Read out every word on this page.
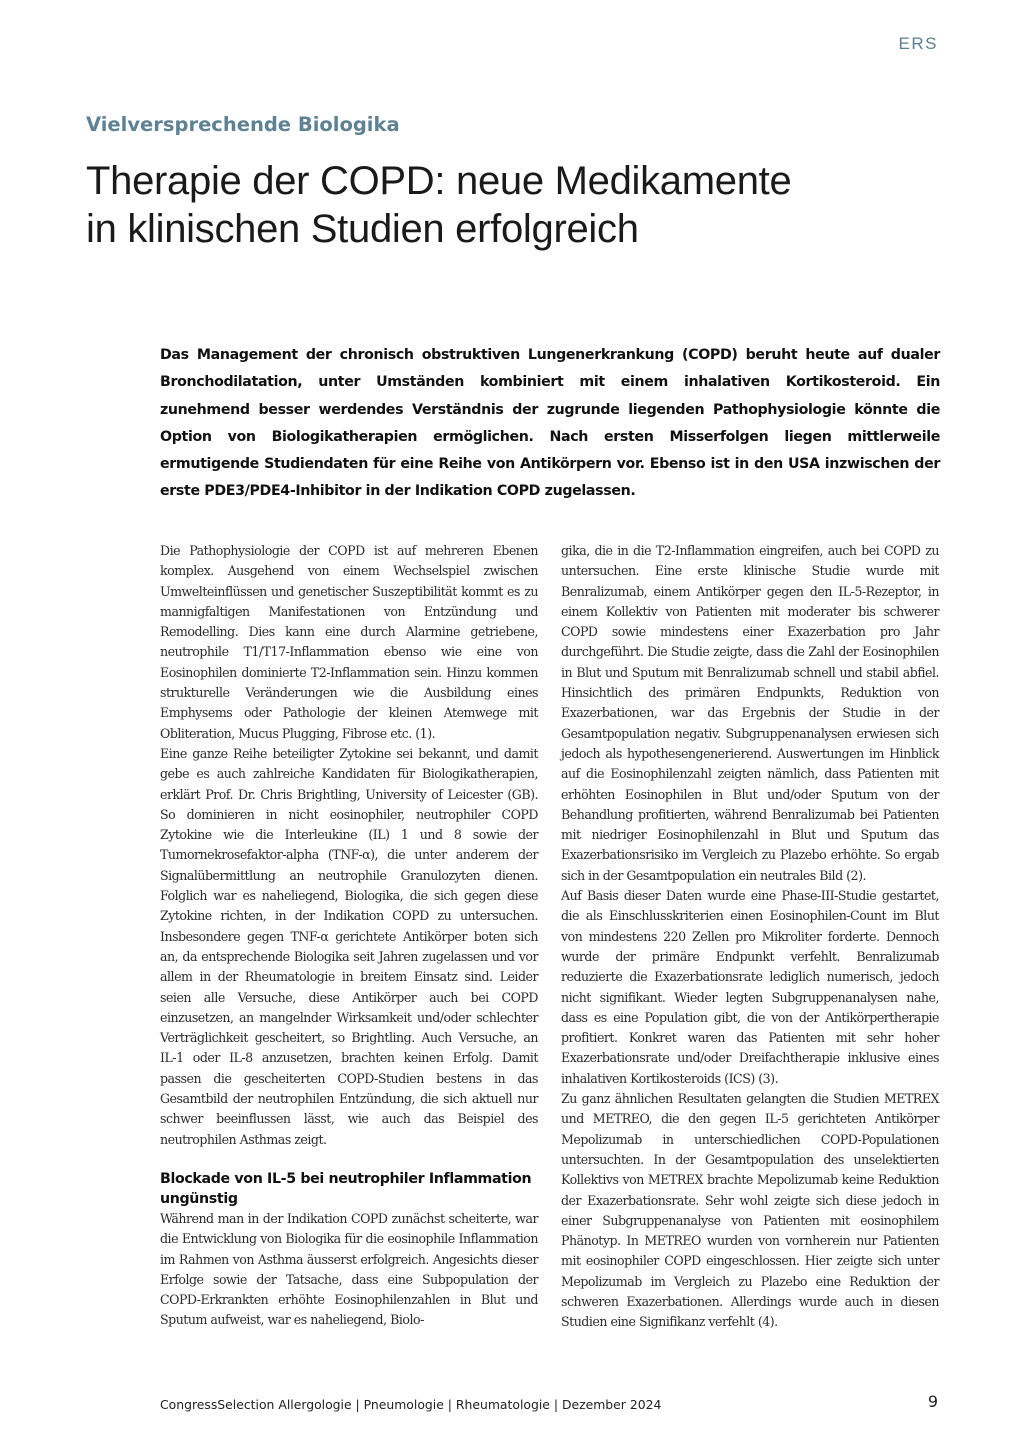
ERS
Vielversprechende Biologika
Therapie der COPD: neue Medikamente
in klinischen Studien erfolgreich

Das Management der chronisch obstruktiven Lungenerkrankung (COPD) beruht heute auf dualer Bronchodilatation, unter Umständen kombiniert mit einem inhalativen Kortikosteroid. Ein zunehmend besser werdendes Verständnis der zugrunde liegenden Pathophysiologie könnte die Option von Biologikatherapien ermöglichen. Nach ersten Misserfolgen liegen mittlerweile ermutigende Studiendaten für eine Reihe von Antikörpern vor. Ebenso ist in den USA inzwischen der erste PDE3/PDE4-Inhibitor in der Indikation COPD zugelassen.

Die Pathophysiologie der COPD ist auf mehreren Ebenen komplex. Ausgehend von einem Wechselspiel zwischen Umwelteinflüssen und genetischer Suszeptibilität kommt es zu mannigfaltigen Manifestationen von Entzündung und Remodelling. Dies kann eine durch Alarmine getriebene, neutrophile T1/T17-Inflammation ebenso wie eine von Eosinophilen dominierte T2-Inflammation sein. Hinzu kommen strukturelle Veränderungen wie die Ausbildung eines Emphysems oder Pathologie der kleinen Atemwege mit Obliteration, Mucus Plugging, Fibrose etc. (1).

Eine ganze Reihe beteiligter Zytokine sei bekannt, und damit gebe es auch zahlreiche Kandidaten für Biologikatherapien, erklärt Prof. Dr. Chris Brightling, University of Leicester (GB). So dominieren in nicht eosinophiler, neutrophiler COPD Zytokine wie die Interleukine (IL) 1 und 8 sowie der Tumornekrosefaktor-alpha (TNF-α), die unter anderem der Signalübermittlung an neutrophile Granulozyten dienen. Folglich war es naheliegend, Biologika, die sich gegen diese Zytokine richten, in der Indikation COPD zu untersuchen. Insbesondere gegen TNF-α gerichtete Antikörper boten sich an, da entsprechende Biologika seit Jahren zugelassen und vor allem in der Rheumatologie in breitem Einsatz sind. Leider seien alle Versuche, diese Antikörper auch bei COPD einzusetzen, an mangelnder Wirksamkeit und/oder schlechter Verträglichkeit gescheitert, so Brightling. Auch Versuche, an IL-1 oder IL-8 anzusetzen, brachten keinen Erfolg. Damit passen die gescheiterten COPD-Studien bestens in das Gesamtbild der neutrophilen Entzündung, die sich aktuell nur schwer beeinflussen lässt, wie auch das Beispiel des neutrophilen Asthmas zeigt.

Blockade von IL-5 bei neutrophiler Inflammation ungünstig

Während man in der Indikation COPD zunächst scheiterte, war die Entwicklung von Biologika für die eosinophile Inflammation im Rahmen von Asthma äusserst erfolgreich. Angesichts dieser Erfolge sowie der Tatsache, dass eine Subpopulation der COPD-Erkrankten erhöhte Eosinophilenzahlen in Blut und Sputum aufweist, war es naheliegend, Biolo-

gika, die in die T2-Inflammation eingreifen, auch bei COPD zu untersuchen. Eine erste klinische Studie wurde mit Benralizumab, einem Antikörper gegen den IL-5-Rezeptor, in einem Kollektiv von Patienten mit moderater bis schwerer COPD sowie mindestens einer Exazerbation pro Jahr durchgeführt. Die Studie zeigte, dass die Zahl der Eosinophilen in Blut und Sputum mit Benralizumab schnell und stabil abfiel. Hinsichtlich des primären Endpunkts, Reduktion von Exazerbationen, war das Ergebnis der Studie in der Gesamtpopulation negativ. Subgruppenanalysen erwiesen sich jedoch als hypothesengenerierend. Auswertungen im Hinblick auf die Eosinophilenzahl zeigten nämlich, dass Patienten mit erhöhten Eosinophilen in Blut und/oder Sputum von der Behandlung profitierten, während Benralizumab bei Patienten mit niedriger Eosinophilenzahl in Blut und Sputum das Exazerbationsrisiko im Vergleich zu Plazebo erhöhte. So ergab sich in der Gesamtpopulation ein neutrales Bild (2).

Auf Basis dieser Daten wurde eine Phase-III-Studie gestartet, die als Einschlusskriterien einen Eosinophilen-Count im Blut von mindestens 220 Zellen pro Mikroliter forderte. Dennoch wurde der primäre Endpunkt verfehlt. Benralizumab reduzierte die Exazerbationsrate lediglich numerisch, jedoch nicht signifikant. Wieder legten Subgruppenanalysen nahe, dass es eine Population gibt, die von der Antikörpertherapie profitiert. Konkret waren das Patienten mit sehr hoher Exazerbationsrate und/oder Dreifachtherapie inklusive eines inhalativen Kortikosteroids (ICS) (3).

Zu ganz ähnlichen Resultaten gelangten die Studien METREX und METREO, die den gegen IL-5 gerichteten Antikörper Mepolizumab in unterschiedlichen COPD-Populationen untersuchten. In der Gesamtpopulation des unselektierten Kollektivs von METREX brachte Mepolizumab keine Reduktion der Exazerbationsrate. Sehr wohl zeigte sich diese jedoch in einer Subgruppenanalyse von Patienten mit eosinophilem Phänotyp. In METREO wurden von vornherein nur Patienten mit eosinophiler COPD eingeschlossen. Hier zeigte sich unter Mepolizumab im Vergleich zu Plazebo eine Reduktion der schweren Exazerbationen. Allerdings wurde auch in diesen Studien eine Signifikanz verfehlt (4).

CongressSelection Allergologie | Pneumologie | Rheumatologie | Dezember 2024	9
